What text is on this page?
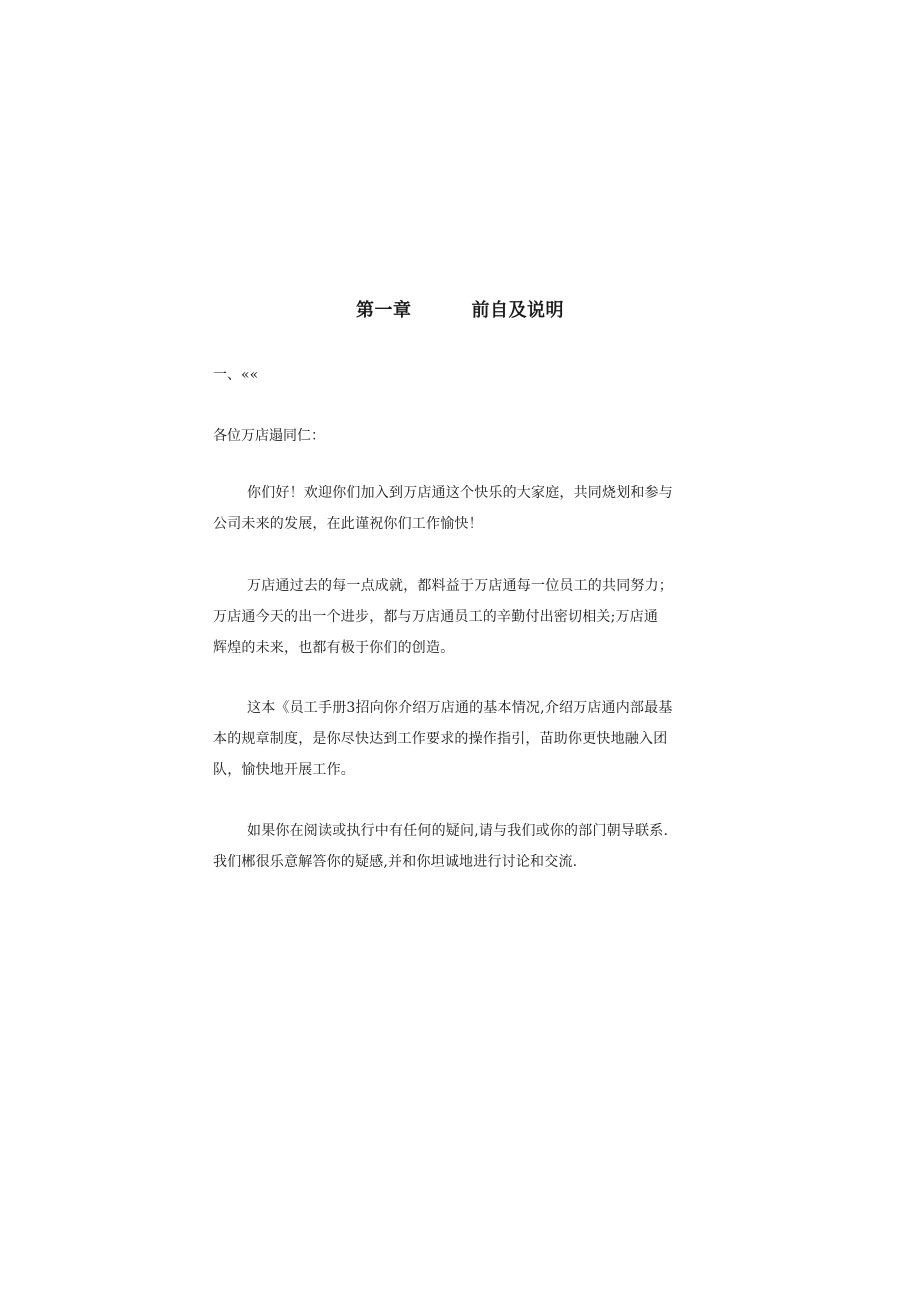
第一章	前自及说明
一、««

各位万店遢同仁：

你们好！欢迎你们加入到万店通这个快乐的大家庭，共同烧划和参与
公司未来的发展，在此谨祝你们工作愉快！

万店通过去的每一点成就，都料益于万店通每一位员工的共同努力；
万店通今天的出一个进步，都与万店通员工的辛勤付出密切相关;万店通
辉煌的未来，也都有极于你们的创造。

这本《员工手册3招向你介绍万店通的基本情况,介绍万店通内部最基
本的规章制度，是你尽快达到工作要求的操作指引，苗助你更快地融入团
队，愉快地开展工作。

如果你在阅读或执行中有任何的疑问,请与我们或你的部门朝导联系.
我们郴很乐意解答你的疑感,并和你坦诚地进行讨论和交流.
